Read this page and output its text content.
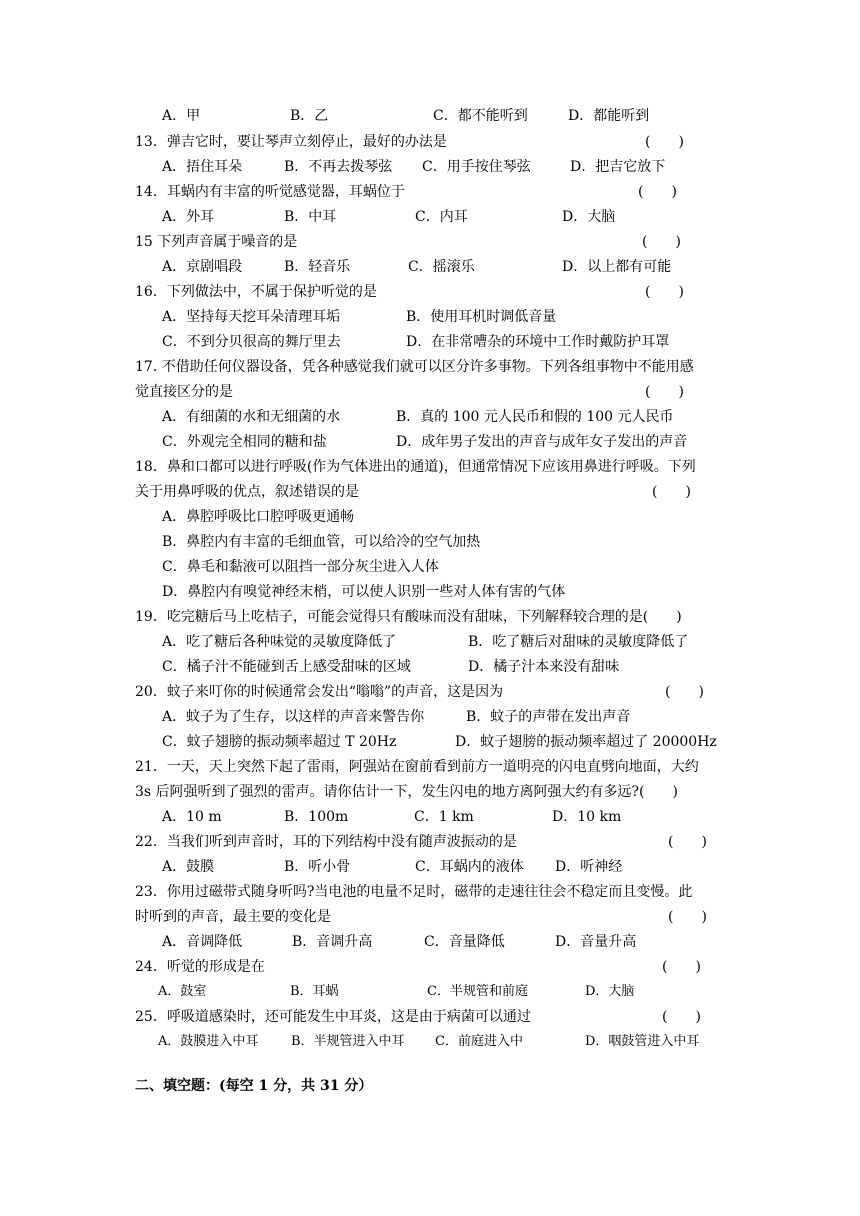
A．甲	B．乙	C．都不能听到	D．都能听到
13．弹吉它时，要让琴声立刻停止，最好的办法是	(　　)
A．捂住耳朵	B．不再去拨琴弦 C．用手按住琴弦	D．把吉它放下
14．耳蜗内有丰富的听觉感觉器，耳蜗位于	(　　)
A．外耳	B．中耳	C．内耳	D．大脑
15 下列声音属于噪音的是	(　　)
A．京剧唱段	B．轻音乐	C．摇滚乐	D．以上都有可能
16．下列做法中，不属于保护听觉的是	(　　)
A．坚持每天挖耳朵清理耳垢	B．使用耳机时调低音量
C．不到分贝很高的舞厅里去	D．在非常嘈杂的环境中工作时戴防护耳罩
17. 不借助任何仪器设备，凭各种感觉我们就可以区分许多事物。下列各组事物中不能用感
觉直接区分的是	(　　)
A．有细菌的水和无细菌的水	B．真的 100 元人民币和假的 100 元人民币
C．外观完全相同的糖和盐	D．成年男子发出的声音与成年女子发出的声音
18．鼻和口都可以进行呼吸(作为气体进出的通道)，但通常情况下应该用鼻进行呼吸。下列
关于用鼻呼吸的优点，叙述错误的是	(　　)
A．鼻腔呼吸比口腔呼吸更通畅
B．鼻腔内有丰富的毛细血管，可以给冷的空气加热
C．鼻毛和黏液可以阻挡一部分灰尘进入人体
D．鼻腔内有嗅觉神经末梢，可以使人识别一些对人体有害的气体
19．吃完糖后马上吃桔子，可能会觉得只有酸味而没有甜味，下列解释较合理的是(　　)
A．吃了糖后各种味觉的灵敏度降低了	B．吃了糖后对甜味的灵敏度降低了
C．橘子汁不能碰到舌上感受甜味的区域	D．橘子汁本来没有甜味
20．蚊子来叮你的时候通常会发出“嗡嗡”的声音，这是因为	(　　)
A．蚊子为了生存，以这样的声音来警告你	B．蚊子的声带在发出声音
C．蚊子翅膀的振动频率超过 T 20Hz	D．蚊子翅膀的振动频率超过了 20000Hz
21．一天，天上突然下起了雷雨，阿强站在窗前看到前方一道明亮的闪电直劈向地面，大约
3s 后阿强听到了强烈的雷声。请你估计一下，发生闪电的地方离阿强大约有多远?(　　)
A．10 m	B．100m	C．1 km	D．10 km
22．当我们听到声音时，耳的下列结构中没有随声波振动的是	(　　)
A．鼓膜	B．听小骨	C．耳蜗内的液体 D．听神经
23．你用过磁带式随身听吗?当电池的电量不足时，磁带的走速往往会不稳定而且变慢。此
时听到的声音，最主要的变化是	(　　)
A．音调降低	B．音调升高	C．音量降低	D．音量升高
24．听觉的形成是在	(　　)
A．鼓室	B．耳蜗	C．半规管和前庭	D．大脑
25．呼吸道感染时，还可能发生中耳炎，这是由于病菌可以通过	(　　)
A．鼓膜进入中耳	B．半规管进入中耳 C．前庭进入中	D．咽鼓管进入中耳
二、填空题：(每空 1 分，共 31 分）
